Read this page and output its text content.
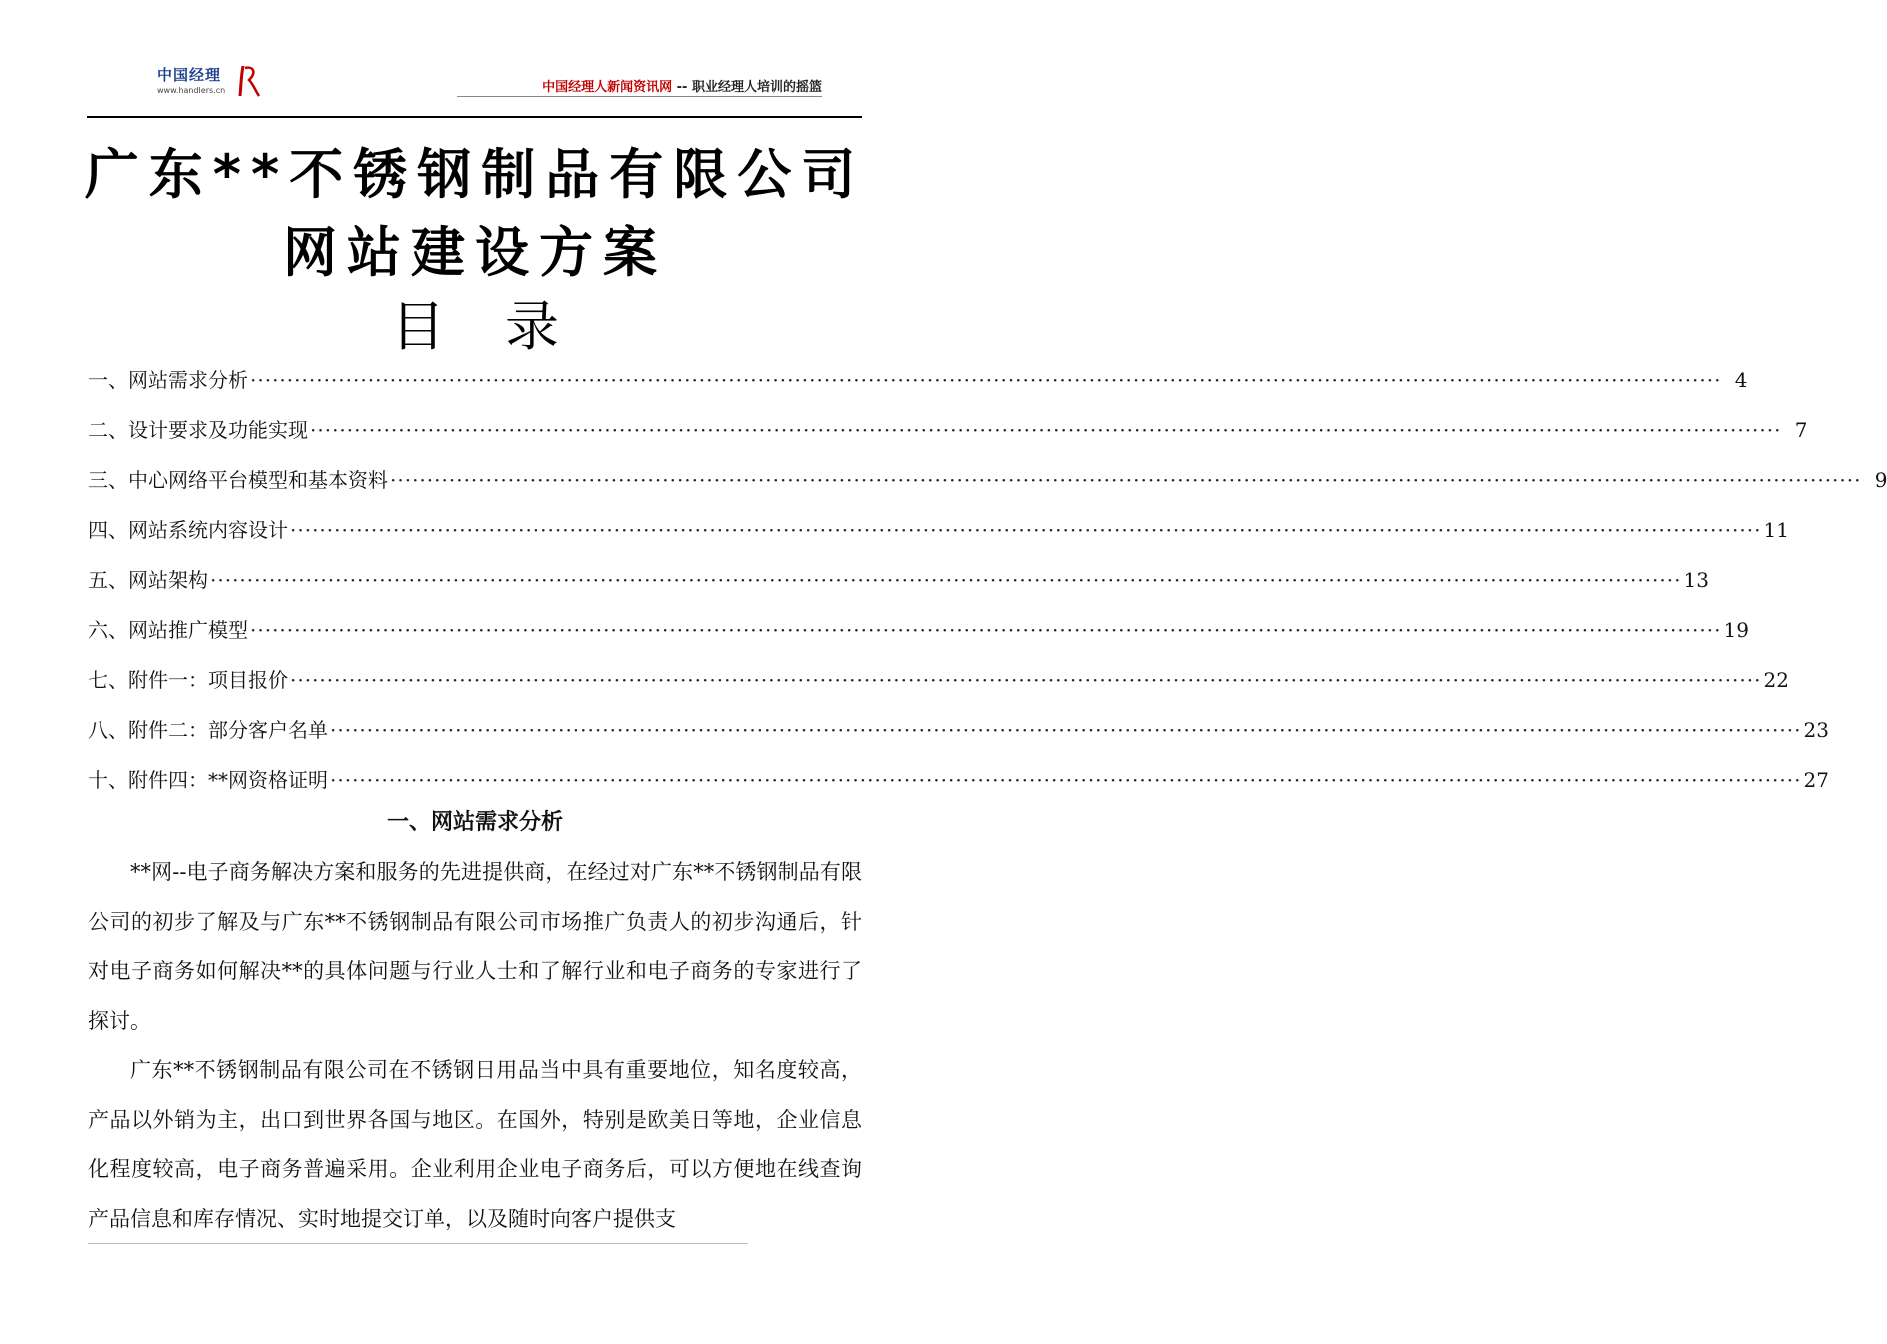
中国经理
www.handlers.cn	中国经理人新闻资讯网 -- 职业经理人培训的摇篮
广东**不锈钢制品有限公司
网站建设方案
目录
一、网站需求分析 ········································································································································································································ 4
二、设计要求及功能实现 ········································································································································································································ 7
三、中心网络平台模型和基本资料 ········································································································································································································ 9
四、网站系统内容设计 ········································································································································································································ 11
五、网站架构 ········································································································································································································ 13
六、网站推广模型 ········································································································································································································ 19
七、附件一：项目报价 ········································································································································································································ 22
八、附件二：部分客户名单 ········································································································································································································ 23
十、附件四：**网资格证明 ········································································································································································································ 27
一、网站需求分析

**网--电子商务解决方案和服务的先进提供商，在经过对广东**不锈钢制品有限公司的初步了解及与广东**不锈钢制品有限公司市场推广负责人的初步沟通后，针对电子商务如何解决**的具体问题与行业人士和了解行业和电子商务的专家进行了探讨。

广东**不锈钢制品有限公司在不锈钢日用品当中具有重要地位，知名度较高，产品以外销为主，出口到世界各国与地区。在国外，特别是欧美日等地，企业信息化程度较高，电子商务普遍采用。企业利用企业电子商务后，可以方便地在线查询产品信息和库存情况、实时地提交订单，以及随时向客户提供支
